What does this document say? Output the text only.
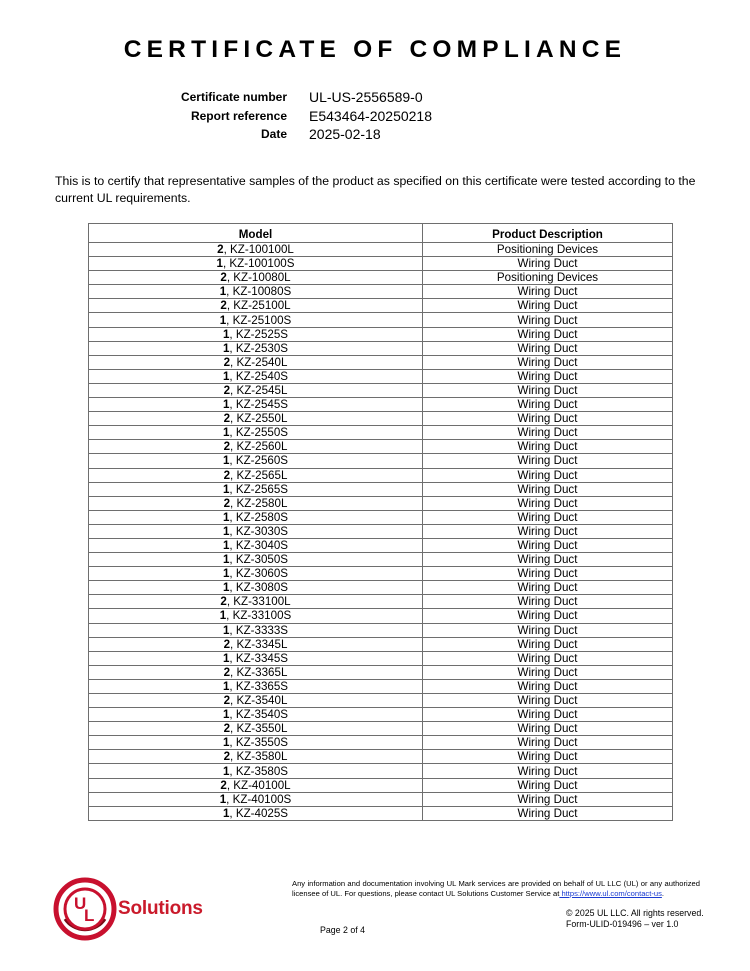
CERTIFICATE OF COMPLIANCE
Certificate number UL-US-2556589-0
Report reference E543464-20250218
Date 2025-02-18
This is to certify that representative samples of the product as specified on this certificate were tested according to the current UL requirements.
Model	Product Description
2, KZ-100100L	Positioning Devices
1, KZ-100100S	Wiring Duct
2, KZ-10080L	Positioning Devices
1, KZ-10080S	Wiring Duct
2, KZ-25100L	Wiring Duct
1, KZ-25100S	Wiring Duct
1, KZ-2525S	Wiring Duct
1, KZ-2530S	Wiring Duct
2, KZ-2540L	Wiring Duct
1, KZ-2540S	Wiring Duct
2, KZ-2545L	Wiring Duct
1, KZ-2545S	Wiring Duct
2, KZ-2550L	Wiring Duct
1, KZ-2550S	Wiring Duct
2, KZ-2560L	Wiring Duct
1, KZ-2560S	Wiring Duct
2, KZ-2565L	Wiring Duct
1, KZ-2565S	Wiring Duct
2, KZ-2580L	Wiring Duct
1, KZ-2580S	Wiring Duct
1, KZ-3030S	Wiring Duct
1, KZ-3040S	Wiring Duct
1, KZ-3050S	Wiring Duct
1, KZ-3060S	Wiring Duct
1, KZ-3080S	Wiring Duct
2, KZ-33100L	Wiring Duct
1, KZ-33100S	Wiring Duct
1, KZ-3333S	Wiring Duct
2, KZ-3345L	Wiring Duct
1, KZ-3345S	Wiring Duct
2, KZ-3365L	Wiring Duct
1, KZ-3365S	Wiring Duct
2, KZ-3540L	Wiring Duct
1, KZ-3540S	Wiring Duct
2, KZ-3550L	Wiring Duct
1, KZ-3550S	Wiring Duct
2, KZ-3580L	Wiring Duct
1, KZ-3580S	Wiring Duct
2, KZ-40100L	Wiring Duct
1, KZ-40100S	Wiring Duct
1, KZ-4025S	Wiring Duct
U
L Solutions
Any information and documentation involving UL Mark services are provided on behalf of UL LLC (UL) or any authorized licensee of UL. For questions, please contact UL Solutions Customer Service at https://www.ul.com/contact-us.
© 2025 UL LLC. All rights reserved.
Form-ULID-019496 – ver 1.0
Page 2 of 4
